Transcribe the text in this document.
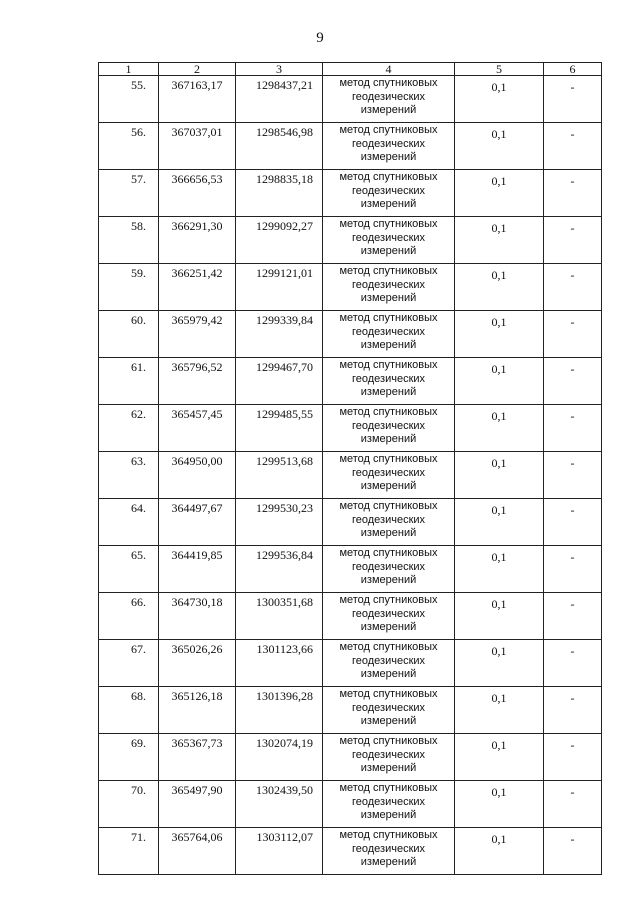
9
1	2	3	4	5	6
55.	367163,17	1298437,21	метод спутниковых геодезических измерений	0,1	-
56.	367037,01	1298546,98	метод спутниковых геодезических измерений	0,1	-
57.	366656,53	1298835,18	метод спутниковых геодезических измерений	0,1	-
58.	366291,30	1299092,27	метод спутниковых геодезических измерений	0,1	-
59.	366251,42	1299121,01	метод спутниковых геодезических измерений	0,1	-
60.	365979,42	1299339,84	метод спутниковых геодезических измерений	0,1	-
61.	365796,52	1299467,70	метод спутниковых геодезических измерений	0,1	-
62.	365457,45	1299485,55	метод спутниковых геодезических измерений	0,1	-
63.	364950,00	1299513,68	метод спутниковых геодезических измерений	0,1	-
64.	364497,67	1299530,23	метод спутниковых геодезических измерений	0,1	-
65.	364419,85	1299536,84	метод спутниковых геодезических измерений	0,1	-
66.	364730,18	1300351,68	метод спутниковых геодезических измерений	0,1	-
67.	365026,26	1301123,66	метод спутниковых геодезических измерений	0,1	-
68.	365126,18	1301396,28	метод спутниковых геодезических измерений	0,1	-
69.	365367,73	1302074,19	метод спутниковых геодезических измерений	0,1	-
70.	365497,90	1302439,50	метод спутниковых геодезических измерений	0,1	-
71.	365764,06	1303112,07	метод спутниковых геодезических измерений	0,1	-
